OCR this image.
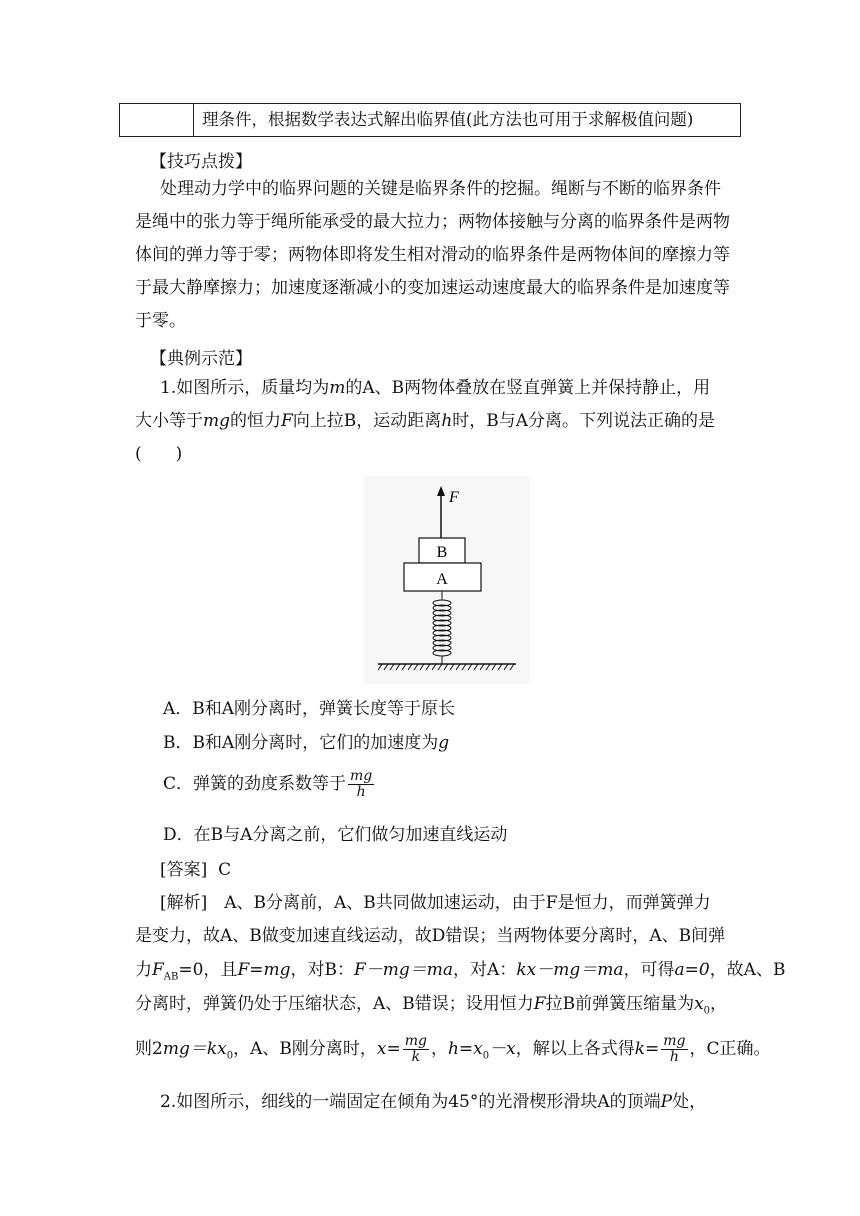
理条件，根据数学表达式解出临界值(此方法也可用于求解极值问题)
【技巧点拨】
处理动力学中的临界问题的关键是临界条件的挖掘。绳断与不断的临界条件
是绳中的张力等于绳所能承受的最大拉力；两物体接触与分离的临界条件是两物
体间的弹力等于零；两物体即将发生相对滑动的临界条件是两物体间的摩擦力等
于最大静摩擦力；加速度逐渐减小的变加速运动速度最大的临界条件是加速度等
于零。
【典例示范】
1.如图所示，质量均为m的A、B两物体叠放在竖直弹簧上并保持静止，用
大小等于mg的恒力F向上拉B，运动距离h时，B与A分离。下列说法正确的是
(　　)
F
B
A
A．B和A刚分离时，弹簧长度等于原长
B．B和A刚分离时，它们的加速度为g
C．弹簧的劲度系数等于 $\frac{mg}{h}$
D．在B与A分离之前，它们做匀加速直线运动
[答案] C
[解析]　A、B分离前，A、B共同做加速运动，由于F是恒力，而弹簧弹力
是变力，故A、B做变加速直线运动，故D错误；当两物体要分离时，A、B间弹
力$F_{AB}=0$，且F=mg，对B：F－mg＝ma，对A：kx－mg＝ma，可得a=0，故A、B
分离时，弹簧仍处于压缩状态，A、B错误；设用恒力F拉B前弹簧压缩量为$x_0$，
则$2mg=kx_0$，A、B刚分离时，$x= \frac{mg}{k}$ ，$h=x_0-x$，解以上各式得$k= \frac{mg}{h}$ ，C正确。
2.如图所示，细线的一端固定在倾角为45°的光滑楔形滑块A的顶端P处，
